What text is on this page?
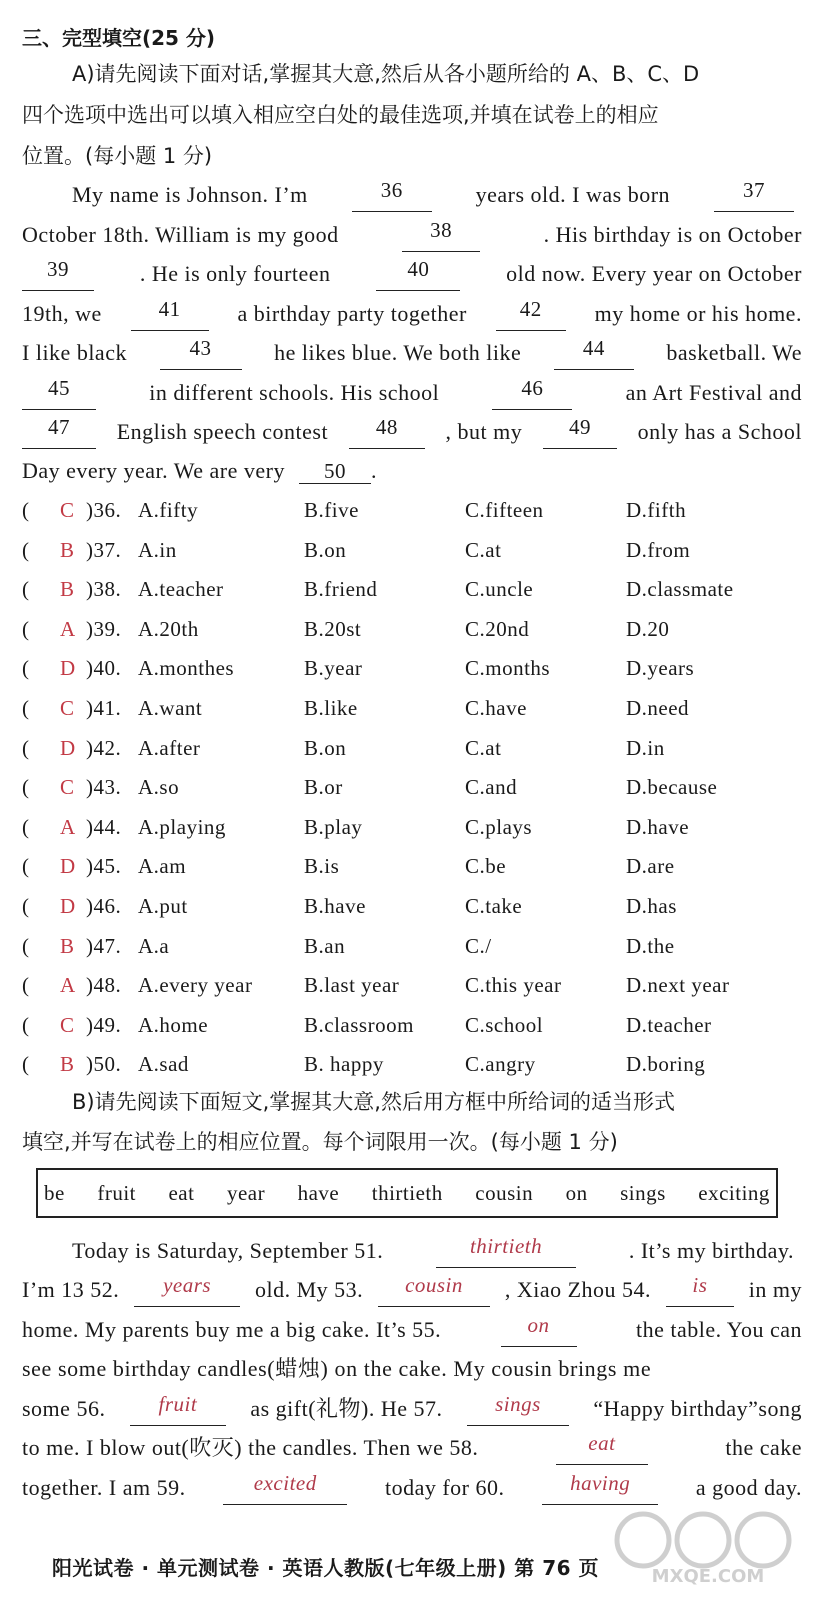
三、完型填空(25 分)
A)请先阅读下面对话,掌握其大意,然后从各小题所给的 A、B、C、D
四个选项中选出可以填入相应空白处的最佳选项,并填在试卷上的相应
位置。(每小题 1 分)
My name is Johnson. I’m	36	years old. I was born	37
October 18th. William is my good	38	. His birthday is on October
39	. He is only fourteen	40	old now. Every year on October
19th, we	41	a birthday party together	42	my home or his home.
I like black	43	he likes blue. We both like	44	basketball. We
45	in different schools. His school	46	an Art Festival and
47	English speech contest	48	, but my	49	only has a School
Day every year. We are very 50 .
( C )36. A.fifty	B.five	C.fifteen	D.fifth
( B )37. A.in	B.on	C.at	D.from
( B )38. A.teacher	B.friend	C.uncle	D.classmate
( A )39. A.20th	B.20st	C.20nd	D.20
( D )40. A.monthes	B.year	C.months	D.years
( C )41. A.want	B.like	C.have	D.need
( D )42. A.after	B.on	C.at	D.in
( C )43. A.so	B.or	C.and	D.because
( A )44. A.playing	B.play	C.plays	D.have
( D )45. A.am	B.is	C.be	D.are
( D )46. A.put	B.have	C.take	D.has
( B )47. A.a	B.an	C./	D.the
( A )48. A.every year B.last year	C.this year	D.next year
( C )49. A.home	B.classroom C.school	D.teacher
( B )50. A.sad	B. happy	C.angry	D.boring
B)请先阅读下面短文,掌握其大意,然后用方框中所给词的适当形式
填空,并写在试卷上的相应位置。每个词限用一次。(每小题 1 分)
be fruit eat year have thirtieth cousin on sings exciting
Today is Saturday, September 51.	thirtieth	. It’s my birthday.
I’m 13 52.	years	old. My 53.	cousin	, Xiao Zhou 54.	is	in my
home. My parents buy me a big cake. It’s 55.	on	the table. You can
see some birthday candles(蜡烛) on the cake. My cousin brings me
some 56.	fruit	as gift(礼物). He 57.	sings	“Happy birthday”song
to me. I blow out(吹灭) the candles. Then we 58.	eat	the cake
together. I am 59.	excited	today for 60.	having	a good day.
MXQE.COM
阳光试卷 · 单元测试卷 · 英语人教版(七年级上册) 第 76 页
